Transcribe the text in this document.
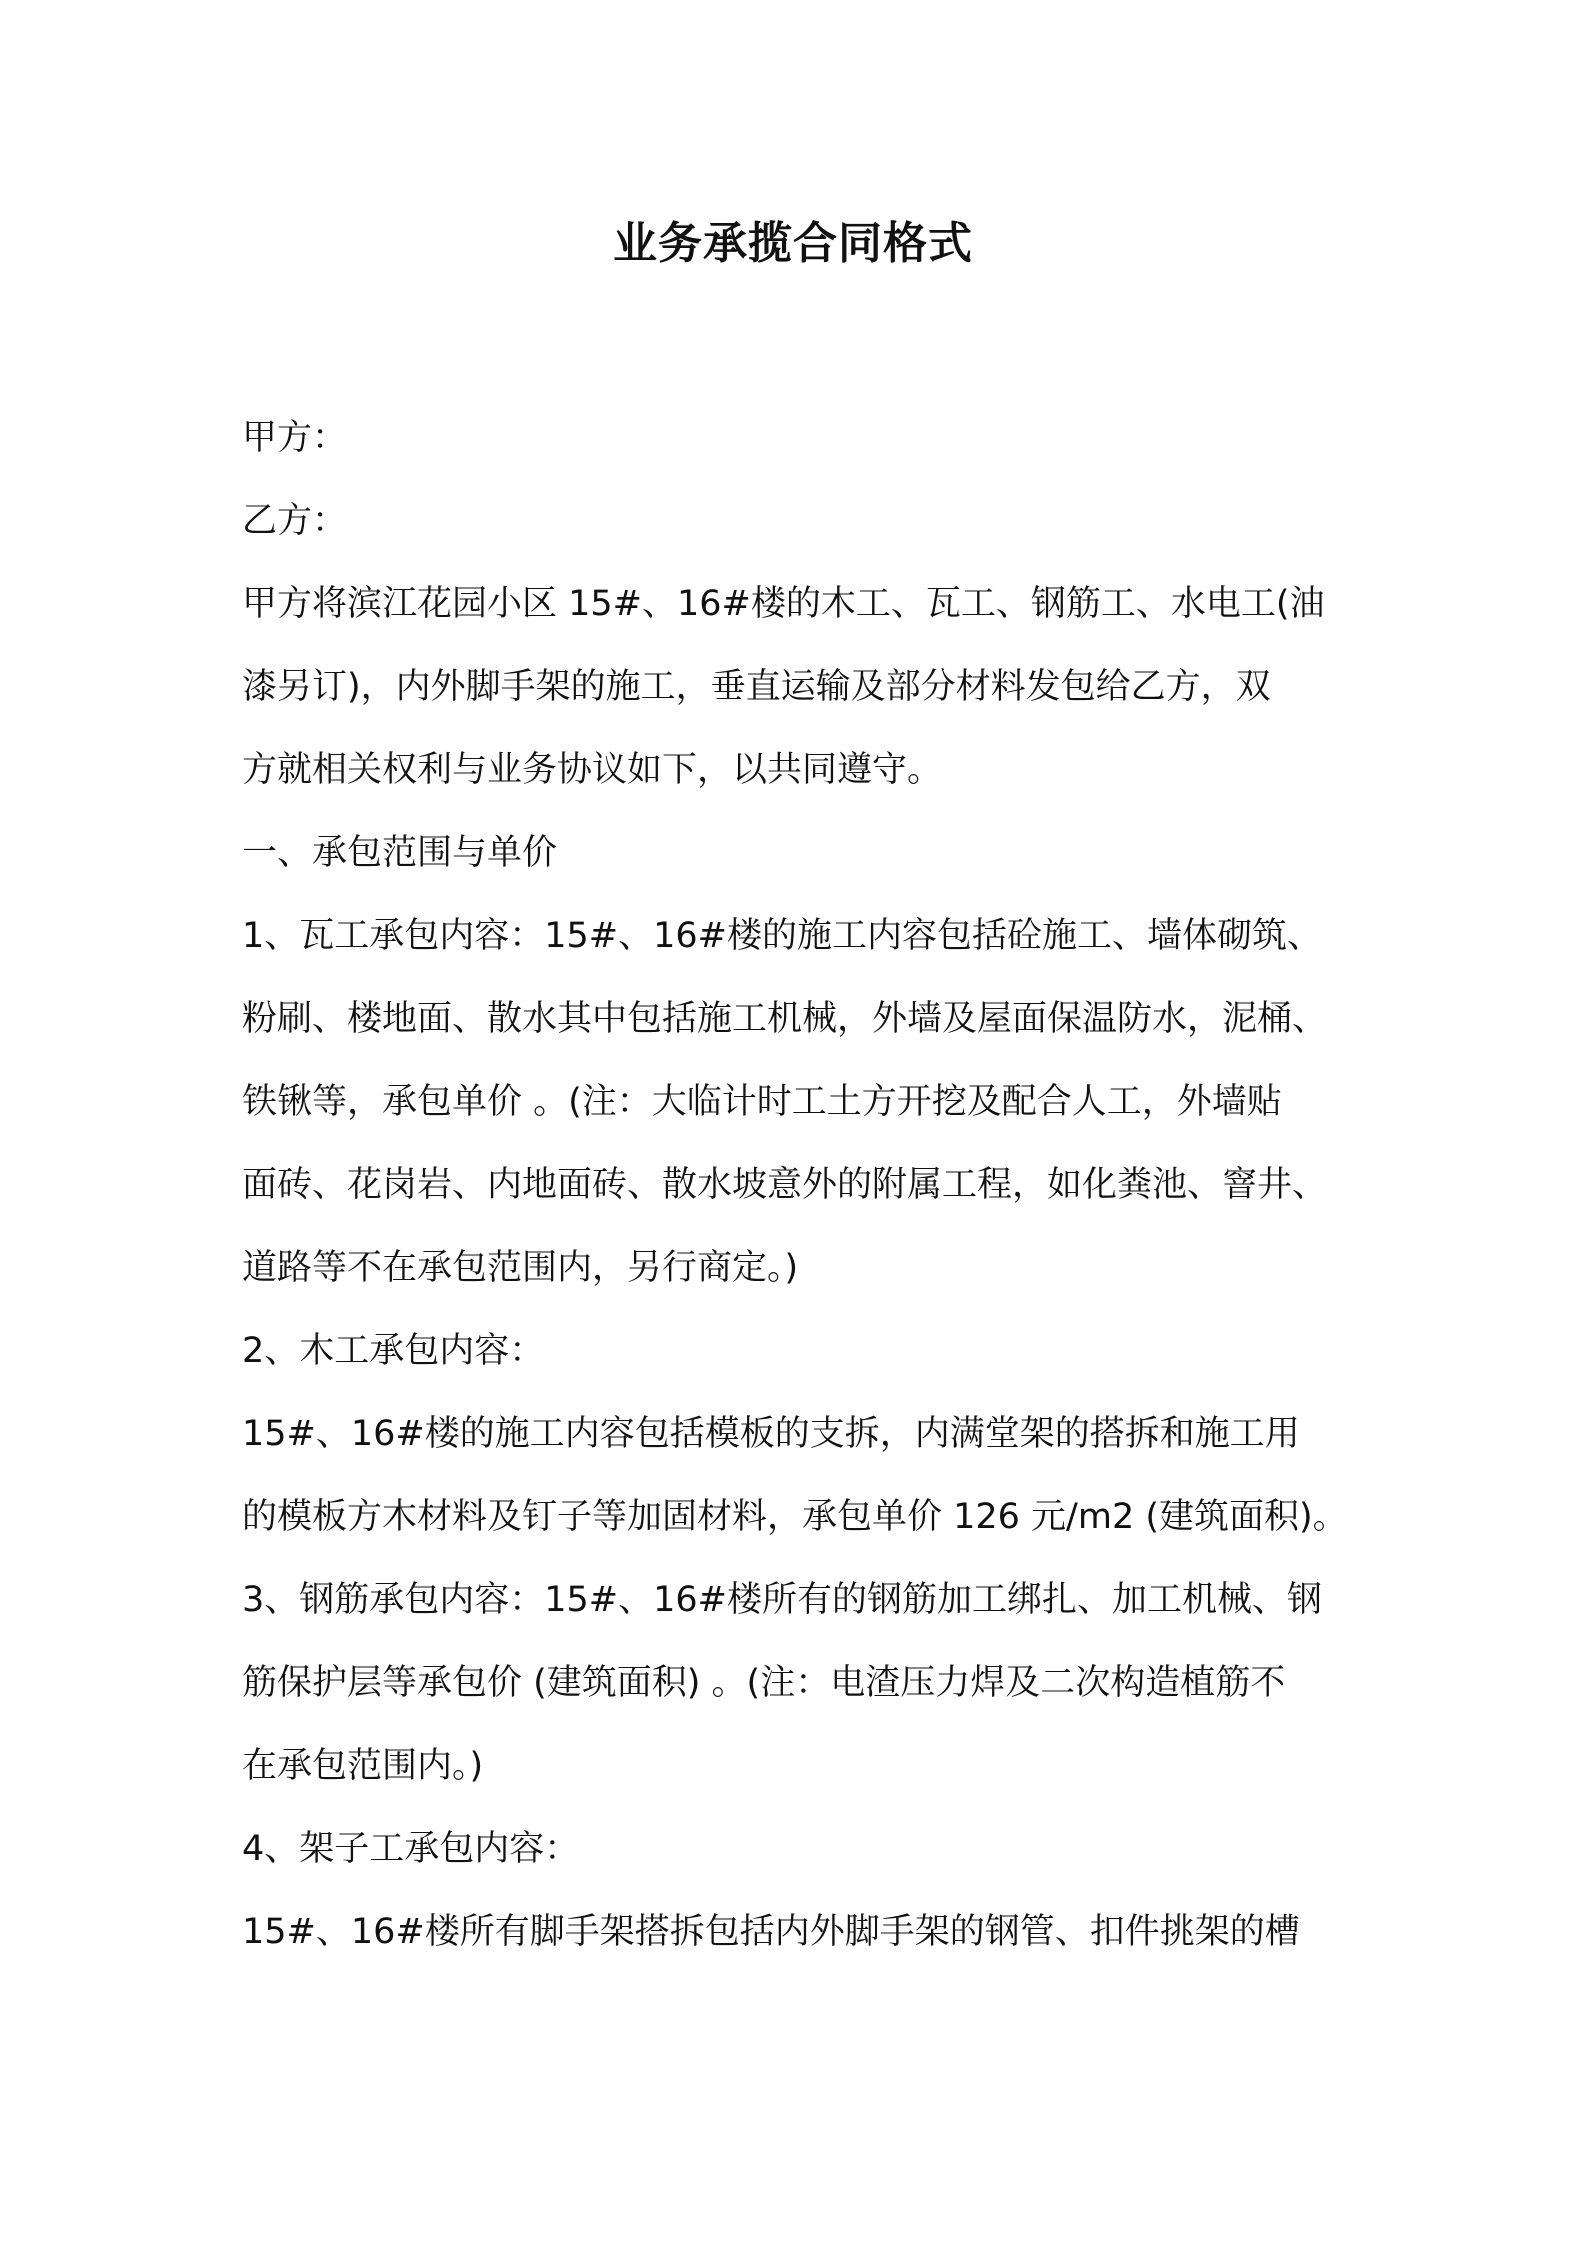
业务承揽合同格式
甲方：
乙方：
甲方将滨江花园小区 15#、16#楼的木工、瓦工、钢筋工、水电工(油
漆另订)，内外脚手架的施工，垂直运输及部分材料发包给乙方，双
方就相关权利与业务协议如下，以共同遵守。
一、承包范围与单价
1、瓦工承包内容：15#、16#楼的施工内容包括砼施工、墙体砌筑、
粉刷、楼地面、散水其中包括施工机械，外墙及屋面保温防水，泥桶、
铁锹等，承包单价 。(注：大临计时工土方开挖及配合人工，外墙贴
面砖、花岗岩、内地面砖、散水坡意外的附属工程，如化粪池、窨井、
道路等不在承包范围内，另行商定。)
2、木工承包内容：
15#、16#楼的施工内容包括模板的支拆，内满堂架的搭拆和施工用
的模板方木材料及钉子等加固材料，承包单价 126 元/m2 (建筑面积)。
3、钢筋承包内容：15#、16#楼所有的钢筋加工绑扎、加工机械、钢
筋保护层等承包价 (建筑面积) 。(注：电渣压力焊及二次构造植筋不
在承包范围内。)
4、架子工承包内容：
15#、16#楼所有脚手架搭拆包括内外脚手架的钢管、扣件挑架的槽
